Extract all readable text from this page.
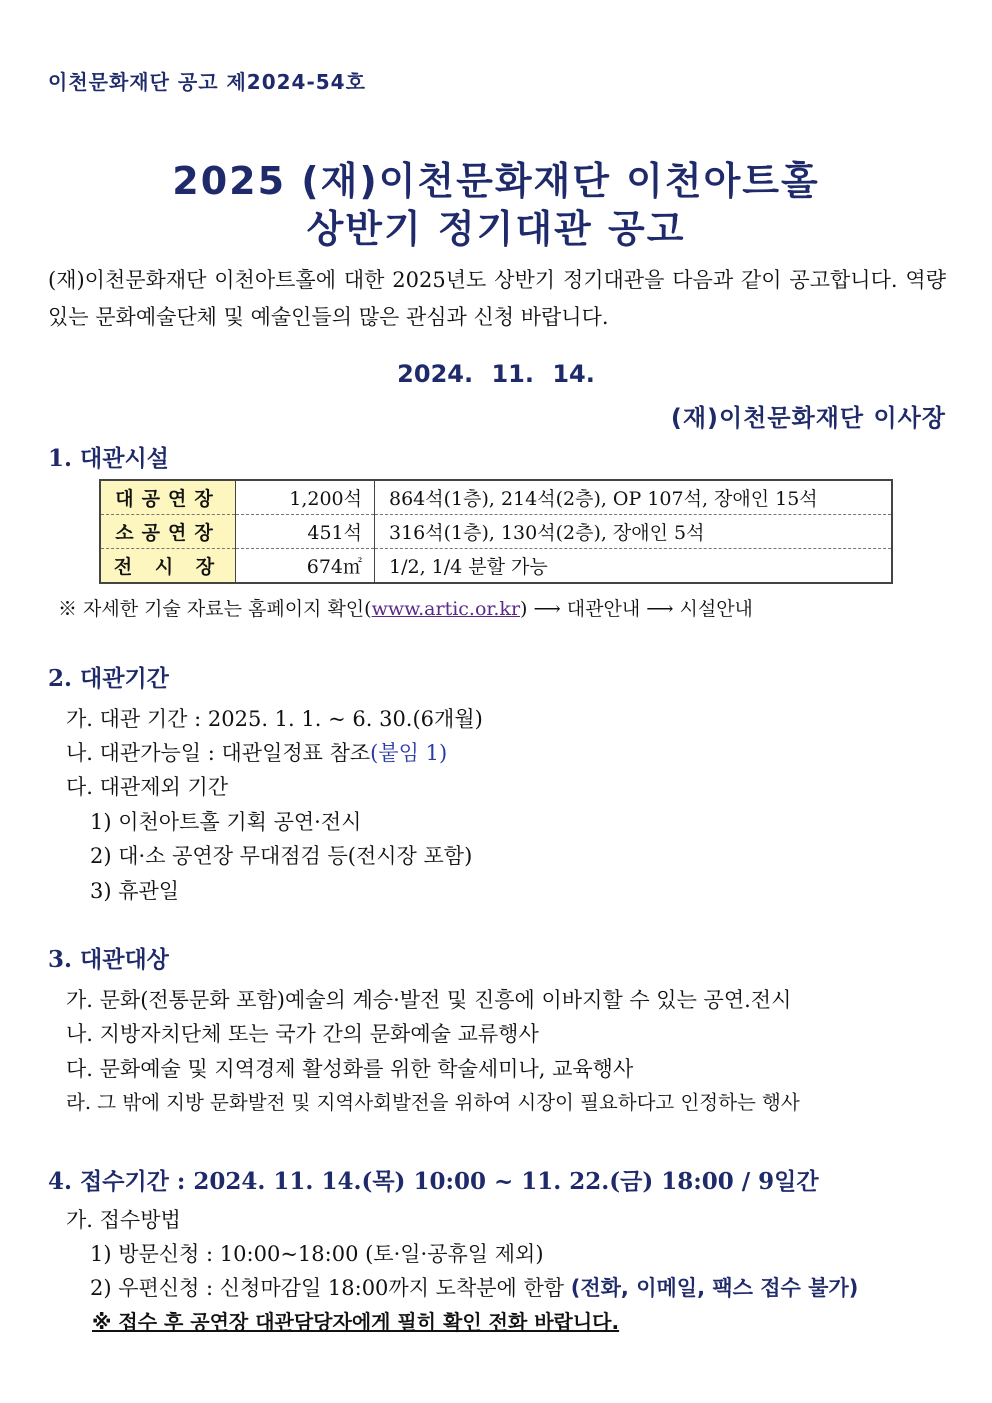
이천문화재단 공고 제2024-54호
2025 (재)이천문화재단 이천아트홀
상반기 정기대관 공고
(재)이천문화재단 이천아트홀에 대한 2025년도 상반기 정기대관을 다음과 같이 공고합니다. 역량있는 문화예술단체 및 예술인들의 많은 관심과 신청 바랍니다.
2024. 11. 14.
(재)이천문화재단 이사장
1. 대관시설
대공연장	1,200석	864석(1층), 214석(2층), OP 107석, 장애인 15석
소공연장	451석	316석(1층), 130석(2층), 장애인 5석
전 시 장	674㎡	1/2, 1/4 분할 가능
※ 자세한 기술 자료는 홈페이지 확인(www.artic.or.kr) ⟶ 대관안내 ⟶ 시설안내
2. 대관기간
가. 대관 기간 : 2025. 1. 1. ~ 6. 30.(6개월)
나. 대관가능일 : 대관일정표 참조(붙임 1)
다. 대관제외 기간
1) 이천아트홀 기획 공연·전시
2) 대·소 공연장 무대점검 등(전시장 포함)
3) 휴관일
3. 대관대상
가. 문화(전통문화 포함)예술의 계승·발전 및 진흥에 이바지할 수 있는 공연.전시
나. 지방자치단체 또는 국가 간의 문화예술 교류행사
다. 문화예술 및 지역경제 활성화를 위한 학술세미나, 교육행사
라. 그 밖에 지방 문화발전 및 지역사회발전을 위하여 시장이 필요하다고 인정하는 행사
4. 접수기간 : 2024. 11. 14.(목) 10:00 ~ 11. 22.(금) 18:00 / 9일간
가. 접수방법
1) 방문신청 : 10:00~18:00 (토·일·공휴일 제외)
2) 우편신청 : 신청마감일 18:00까지 도착분에 한함 (전화, 이메일, 팩스 접수 불가)
※ 접수 후 공연장 대관담당자에게 필히 확인 전화 바랍니다.
